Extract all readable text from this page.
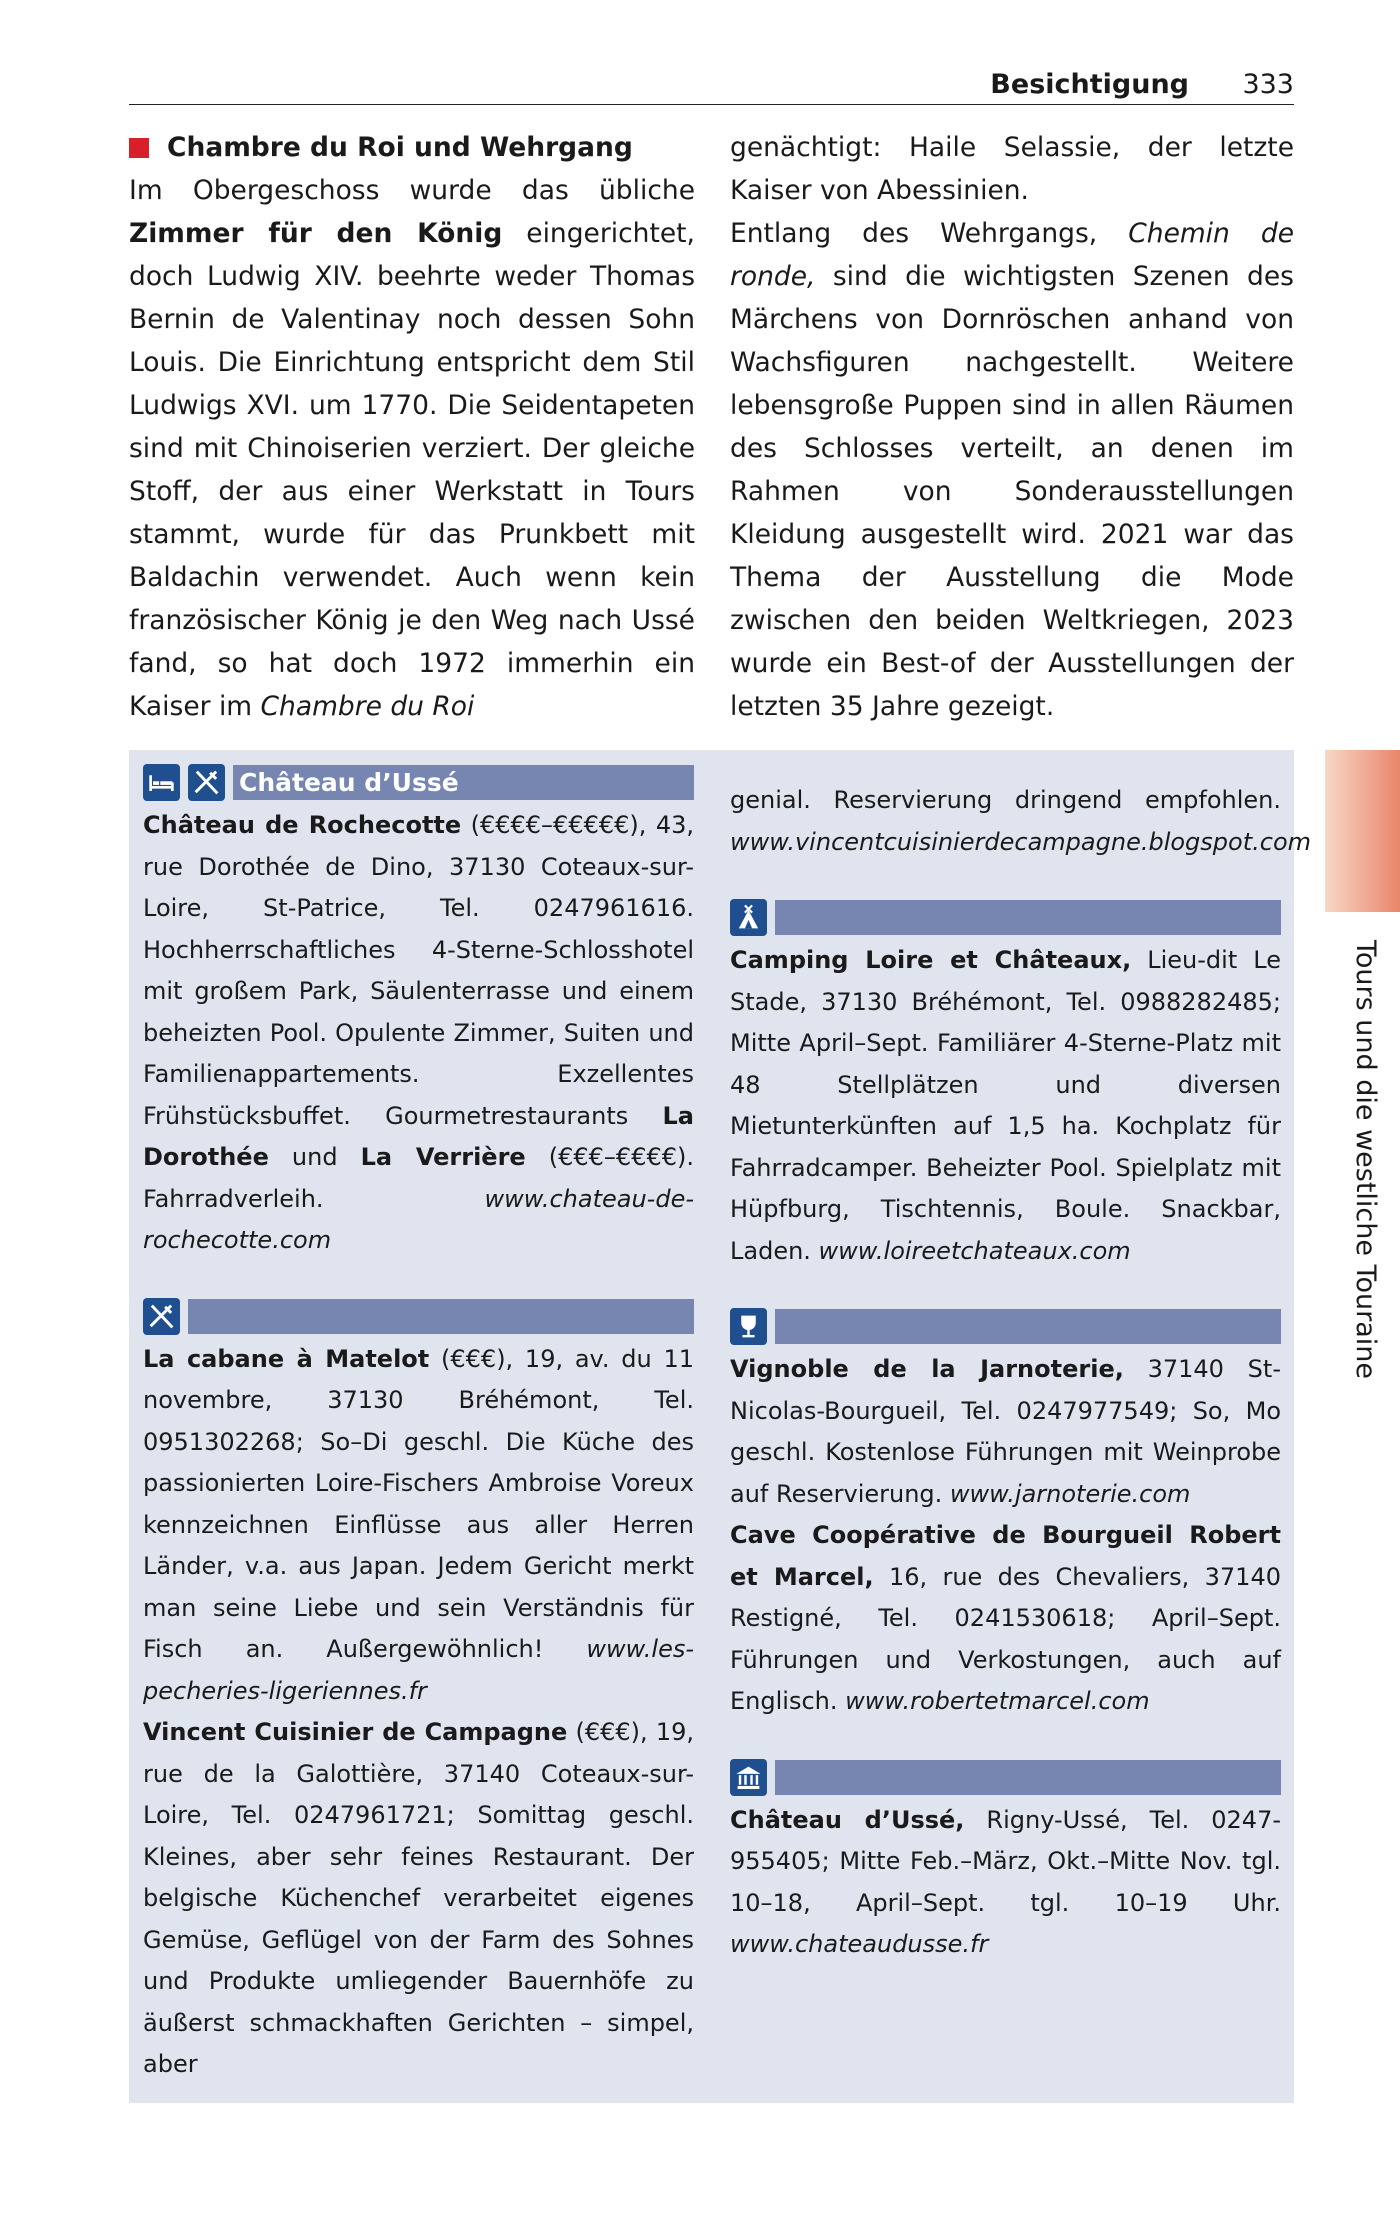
Besichtigung 333
Chambre du Roi und Wehrgang

Im Obergeschoss wurde das übliche Zimmer für den König eingerichtet, doch Ludwig XIV. beehrte weder Thomas Bernin de Valentinay noch dessen Sohn Louis. Die Einrichtung entspricht dem Stil Ludwigs XVI. um 1770. Die Seidentapeten sind mit Chinoiserien verziert. Der gleiche Stoff, der aus einer Werkstatt in Tours stammt, wurde für das Prunkbett mit Baldachin verwendet. Auch wenn kein französischer König je den Weg nach Ussé fand, so hat doch 1972 immerhin ein Kaiser im Chambre du Roi

genächtigt: Haile Selassie, der letzte Kaiser von Abessinien.

Entlang des Wehrgangs, Chemin de ronde, sind die wichtigsten Szenen des Märchens von Dornröschen anhand von Wachsfiguren nachgestellt. Weitere lebensgroße Puppen sind in allen Räumen des Schlosses verteilt, an denen im Rahmen von Sonderausstellungen Kleidung ausgestellt wird. 2021 war das Thema der Ausstellung die Mode zwischen den beiden Weltkriegen, 2023 wurde ein Best-of der Ausstellungen der letzten 35 Jahre gezeigt.

Château d’Ussé

Château de Rochecotte (€€€€–€€€€€), 43, rue Dorothée de Dino, 37130 Coteaux-sur-Loire, St-Patrice, Tel. 0247961616. Hochherrschaftliches 4-Sterne-Schlosshotel mit großem Park, Säulenterrasse und einem beheizten Pool. Opulente Zimmer, Suiten und Familienappartements. Exzellentes Frühstücksbuffet. Gourmetrestaurants La Dorothée und La Verrière (€€€–€€€€). Fahrradverleih. www.chateau-de-rochecotte.com

La cabane à Matelot (€€€), 19, av. du 11 novembre, 37130 Bréhémont, Tel. 0951302268; So–Di geschl. Die Küche des passionierten Loire-Fischers Ambroise Voreux kennzeichnen Einflüsse aus aller Herren Länder, v.a. aus Japan. Jedem Gericht merkt man seine Liebe und sein Verständnis für Fisch an. Außergewöhnlich! www.les-pecheries-ligeriennes.fr

Vincent Cuisinier de Campagne (€€€), 19, rue de la Galottière, 37140 Coteaux-sur-Loire, Tel. 0247961721; Somittag geschl. Kleines, aber sehr feines Restaurant. Der belgische Küchenchef verarbeitet eigenes Gemüse, Geflügel von der Farm des Sohnes und Produkte umliegender Bauernhöfe zu äußerst schmackhaften Gerichten – simpel, aber

genial. Reservierung dringend empfohlen. www.vincentcuisinierdecampagne.blogspot.com

Camping Loire et Châteaux, Lieu-dit Le Stade, 37130 Bréhémont, Tel. 0988282485; Mitte April–Sept. Familiärer 4-Sterne-Platz mit 48 Stellplätzen und diversen Mietunterkünften auf 1,5 ha. Kochplatz für Fahrradcamper. Beheizter Pool. Spielplatz mit Hüpfburg, Tischtennis, Boule. Snackbar, Laden. www.loireetchateaux.com

Vignoble de la Jarnoterie, 37140 St-Nicolas-Bourgueil, Tel. 0247977549; So, Mo geschl. Kostenlose Führungen mit Weinprobe auf Reservierung. www.jarnoterie.com

Cave Coopérative de Bourgueil Robert et Marcel, 16, rue des Chevaliers, 37140 Restigné, Tel. 0241530618; April–Sept. Führungen und Verkostungen, auch auf Englisch. www.robertetmarcel.com

Château d’Ussé, Rigny-Ussé, Tel. 0247-955405; Mitte Feb.–März, Okt.–Mitte Nov. tgl. 10–18, April–Sept. tgl. 10–19 Uhr. www.chateaudusse.fr

Tours und die westliche Touraine
